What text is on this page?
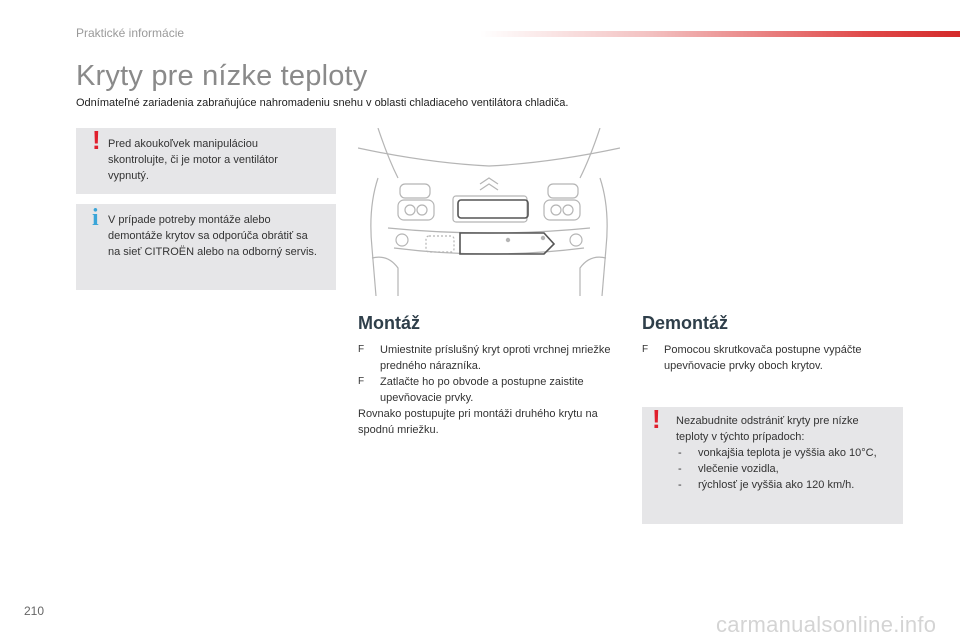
Praktické informácie
Kryty pre nízke teploty
Odnímateľné zariadenia zabraňujúce nahromadeniu snehu v oblasti chladiaceho ventilátora chladiča.
! Pred akoukoľvek manipuláciou skontrolujte, či je motor a ventilátor vypnutý.
i V prípade potreby montáže alebo demontáže krytov sa odporúča obrátiť sa na sieť CITROËN alebo na odborný servis.
Montáž
F	Umiestnite príslušný kryt oproti vrchnej mriežke predného nárazníka.
F	Zatlačte ho po obvode a postupne zaistite upevňovacie prvky.
Rovnako postupujte pri montáži druhého krytu na spodnú mriežku.
Demontáž
F	Pomocou skrutkovača postupne vypáčte upevňovacie prvky oboch krytov.
! Nezabudnite odstrániť kryty pre nízke teploty v týchto prípadoch:
- vonkajšia teplota je vyššia ako 10°C,
- vlečenie vozidla,
- rýchlosť je vyššia ako 120 km/h.
210
carmanualsonline.info
